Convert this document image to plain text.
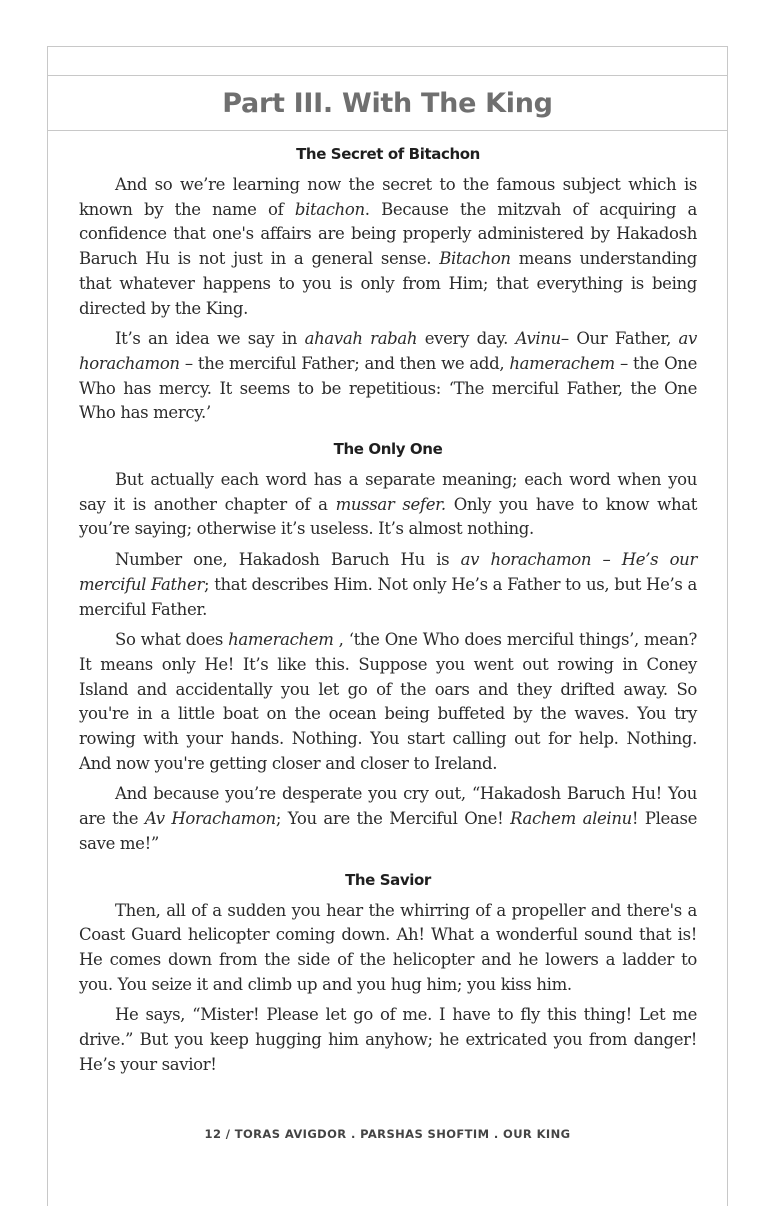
Part III. With The King
The Secret of Bitachon

And so we’re learning now the secret to the famous subject which is known by the name of bitachon. Because the mitzvah of acquiring a confidence that one's affairs are being properly administered by Hakadosh Baruch Hu is not just in a general sense. Bitachon means understanding that whatever happens to you is only from Him; that everything is being directed by the King.

It’s an idea we say in ahavah rabah every day. Avinu– Our Father, av horachamon – the merciful Father; and then we add, hamerachem – the One Who has mercy. It seems to be repetitious: ‘The merciful Father, the One Who has mercy.’

The Only One

But actually each word has a separate meaning; each word when you say it is another chapter of a mussar sefer. Only you have to know what you’re saying; otherwise it’s useless. It’s almost nothing.

Number one, Hakadosh Baruch Hu is av horachamon – He’s our merciful Father; that describes Him. Not only He’s a Father to us, but He’s a merciful Father.

So what does hamerachem , ‘the One Who does merciful things’, mean? It means only He! It’s like this. Suppose you went out rowing in Coney Island and accidentally you let go of the oars and they drifted away. So you're in a little boat on the ocean being buffeted by the waves. You try rowing with your hands. Nothing. You start calling out for help. Nothing. And now you're getting closer and closer to Ireland.

And because you’re desperate you cry out, “Hakadosh Baruch Hu! You are the Av Horachamon; You are the Merciful One! Rachem aleinu! Please save me!”

The Savior

Then, all of a sudden you hear the whirring of a propeller and there's a Coast Guard helicopter coming down. Ah! What a wonderful sound that is! He comes down from the side of the helicopter and he lowers a ladder to you. You seize it and climb up and you hug him; you kiss him.

He says, “Mister! Please let go of me. I have to fly this thing! Let me drive.” But you keep hugging him anyhow; he extricated you from danger! He’s your savior!

12 / TORAS AVIGDOR . PARSHAS SHOFTIM . OUR KING
